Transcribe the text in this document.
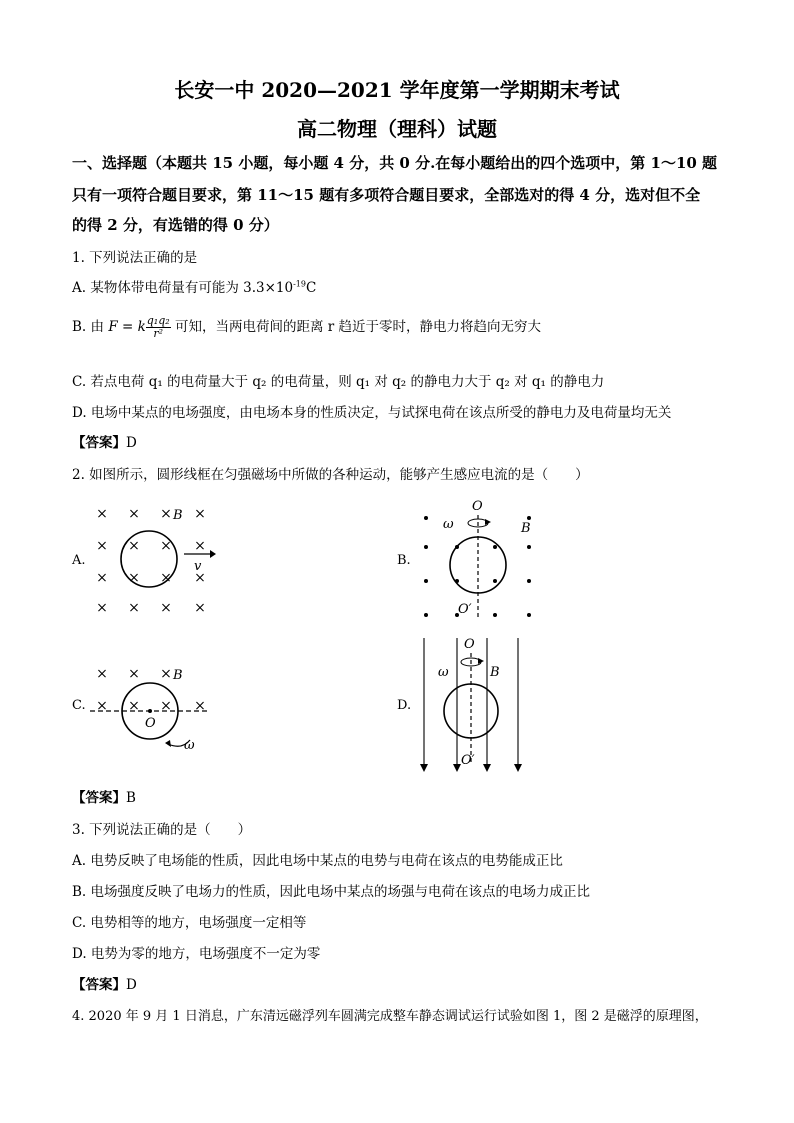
长安一中 2020—2021 学年度第一学期期末考试
高二物理（理科）试题
一、选择题（本题共 15 小题，每小题 4 分，共 0 分.在每小题给出的四个选项中，第 1～10 题
只有一项符合题目要求，第 11～15 题有多项符合题目要求，全部选对的得 4 分，选对但不全
的得 2 分，有选错的得 0 分）
1. 下列说法正确的是
A. 某物体带电荷量有可能为 $3.3\times 10^{-19}C$
B. 由 F = k $\frac{\text{q₁q₂}}{\text{r²}}$ 可知，当两电荷间的距离 r 趋近于零时，静电力将趋向无穷大
C. 若点电荷 q₁ 的电荷量大于 q₂ 的电荷量，则 q₁ 对 q₂ 的静电力大于 q₂ 对 q₁ 的静电力
D. 电场中某点的电场强度，由电场本身的性质决定，与试探电荷在该点所受的静电力及电荷量均无关
【答案】D
2. 如图所示，圆形线框在匀强磁场中所做的各种运动，能够产生感应电流的是（　　）
A.
× × × ×
× × × ×
× × × ×
× × × ×
B
v	B.
O
O′
ω	B
C.
× × ×
× × × ×
B
O
ω
D.
O
O′
ω	B
【答案】B
3. 下列说法正确的是（　　）
A. 电势反映了电场能的性质，因此电场中某点的电势与电荷在该点的电势能成正比
B. 电场强度反映了电场力的性质，因此电场中某点的场强与电荷在该点的电场力成正比
C. 电势相等的地方，电场强度一定相等
D. 电势为零的地方，电场强度不一定为零
【答案】D
4. 2020 年 9 月 1 日消息，广东清远磁浮列车圆满完成整车静态调试运行试验如图 1，图 2 是磁浮的原理图，
